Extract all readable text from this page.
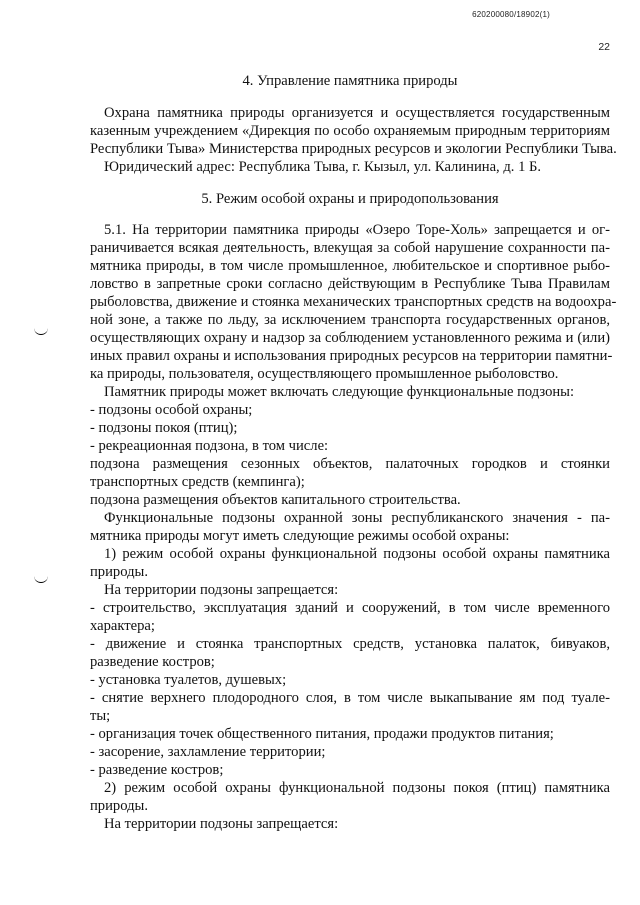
620200080/18902(1)
22
4. Управление памятника природы
Охрана памятника природы организуется и осуществляется государственным
казенным учреждением «Дирекция по особо охраняемым природным территориям
Республики Тыва» Министерства природных ресурсов и экологии Республики Тыва.
Юридический адрес: Республика Тыва, г. Кызыл, ул. Калинина, д. 1 Б.
5. Режим особой охраны и природопользования
5.1. На территории памятника природы «Озеро Торе-Холь» запрещается и ог-
раничивается всякая деятельность, влекущая за собой нарушение сохранности па-
мятника природы, в том числе промышленное, любительское и спортивное рыбо-
ловство в запретные сроки согласно действующим в Республике Тыва Правилам
рыболовства, движение и стоянка механических транспортных средств на водоохра-
ной зоне, а также по льду, за исключением транспорта государственных органов,
осуществляющих охрану и надзор за соблюдением установленного режима и (или)
иных правил охраны и использования природных ресурсов на территории памятни-
ка природы, пользователя, осуществляющего промышленное рыболовство.
Памятник природы может включать следующие функциональные подзоны:
- подзоны особой охраны;
- подзоны покоя (птиц);
- рекреационная подзона, в том числе:
подзона размещения сезонных объектов, палаточных городков и стоянки
транспортных средств (кемпинга);
подзона размещения объектов капитального строительства.
Функциональные подзоны охранной зоны республиканского значения - па-
мятника природы могут иметь следующие режимы особой охраны:
1) режим особой охраны функциональной подзоны особой охраны памятника
природы.
На территории подзоны запрещается:
- строительство, эксплуатация зданий и сооружений, в том числе временного
характера;
- движение и стоянка транспортных средств, установка палаток, бивуаков,
разведение костров;
- установка туалетов, душевых;
- снятие верхнего плодородного слоя, в том числе выкапывание ям под туале-
ты;
- организация точек общественного питания, продажи продуктов питания;
- засорение, захламление территории;
- разведение костров;
2) режим особой охраны функциональной подзоны покоя (птиц) памятника
природы.
На территории подзоны запрещается:
